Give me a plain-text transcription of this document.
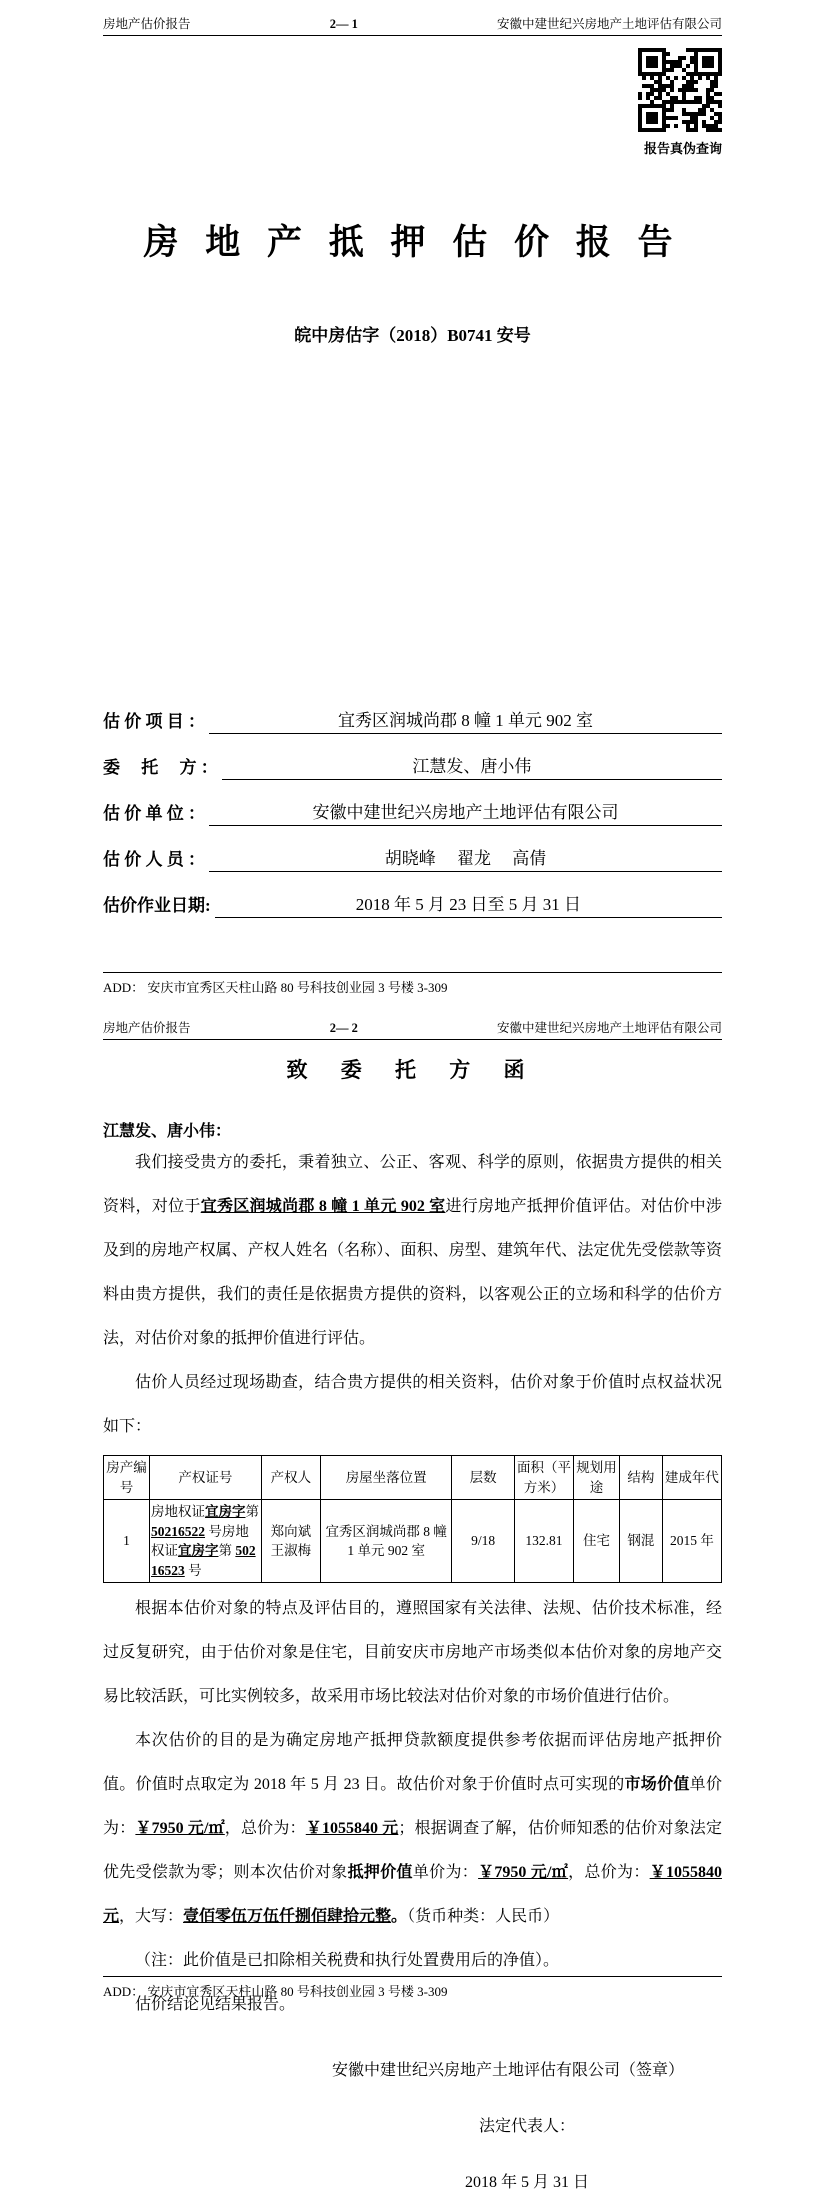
房地产估价报告	2— 1	安徽中建世纪兴房地产土地评估有限公司
报告真伪查询
房 地 产 抵 押 估 价 报 告
皖中房估字（2018）B0741 安号
估 价 项 目 ：	宜秀区润城尚郡 8 幢 1 单元 902 室
委　 托　 方 ：	江慧发、唐小伟
估 价 单 位 ：	安徽中建世纪兴房地产土地评估有限公司
估 价 人 员 ：	胡晓峰　 翟龙　 高倩
估价作业日期:	2018 年 5 月 23 日至 5 月 31 日
ADD： 安庆市宜秀区天柱山路 80 号科技创业园 3 号楼 3-309
房地产估价报告	2— 2	安徽中建世纪兴房地产土地评估有限公司
致 委 托 方 函
江慧发、唐小伟：
我们接受贵方的委托，秉着独立、公正、客观、科学的原则，依据贵方提供的相关资料，对位于宜秀区润城尚郡 8 幢 1 单元 902 室进行房地产抵押价值评估。对估价中涉及到的房地产权属、产权人姓名（名称）、面积、房型、建筑年代、法定优先受偿款等资料由贵方提供，我们的责任是依据贵方提供的资料，以客观公正的立场和科学的估价方法，对估价对象的抵押价值进行评估。
估价人员经过现场勘查，结合贵方提供的相关资料，估价对象于价值时点权益状况如下：
房产编号	产权证号	产权人	房屋坐落位置	层数	面积（平方米）	规划用途	结构	建成年代
1	房地权证宜房字第 50216522 号房地权证宜房字第 50216523 号	郑向斌 王淑梅	宜秀区润城尚郡 8 幢 1 单元 902 室	9/18	132.81	住宅	钢混	2015 年
根据本估价对象的特点及评估目的，遵照国家有关法律、法规、估价技术标准，经过反复研究，由于估价对象是住宅，目前安庆市房地产市场类似本估价对象的房地产交易比较活跃，可比实例较多，故采用市场比较法对估价对象的市场价值进行估价。
本次估价的目的是为确定房地产抵押贷款额度提供参考依据而评估房地产抵押价值。价值时点取定为 2018 年 5 月 23 日。故估价对象于价值时点可实现的市场价值单价为：￥7950 元/㎡，总价为：￥1055840 元；根据调查了解，估价师知悉的估价对象法定优先受偿款为零；则本次估价对象抵押价值单价为：￥7950 元/㎡，总价为：￥1055840 元，大写：壹佰零伍万伍仟捌佰肆拾元整。（货币种类：人民币）
（注：此价值是已扣除相关税费和执行处置费用后的净值）。
估价结论见结果报告。
安徽中建世纪兴房地产土地评估有限公司（签章）
法定代表人：
2018 年 5 月 31 日
ADD： 安庆市宜秀区天柱山路 80 号科技创业园 3 号楼 3-309
